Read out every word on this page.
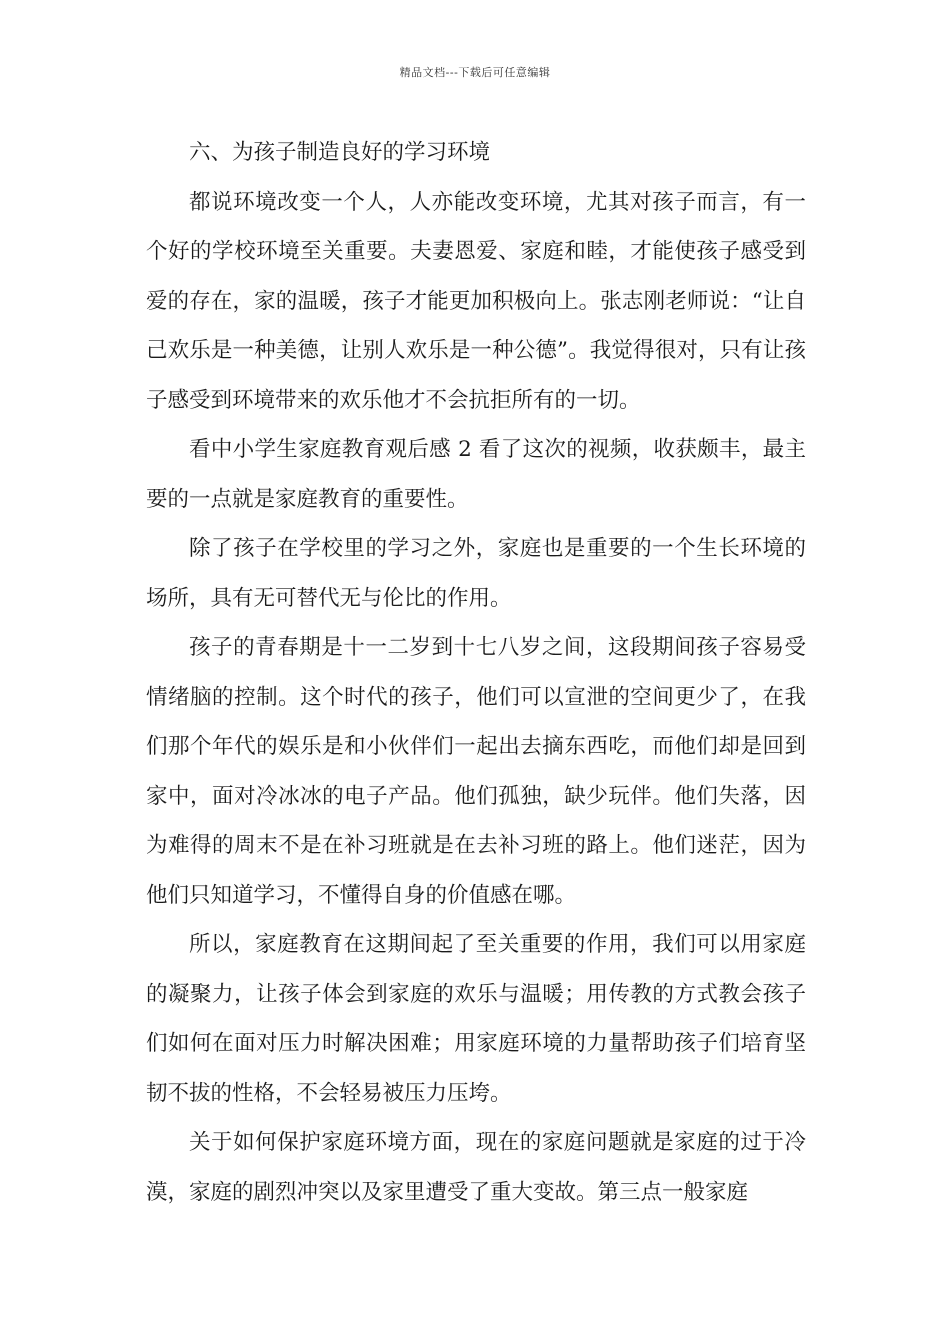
精品文档---下载后可任意编辑

六、为孩子制造良好的学习环境

都说环境改变一个人，人亦能改变环境，尤其对孩子而言，有一个好的学校环境至关重要。夫妻恩爱、家庭和睦，才能使孩子感受到爱的存在，家的温暖，孩子才能更加积极向上。张志刚老师说：“让自己欢乐是一种美德，让别人欢乐是一种公德”。我觉得很对，只有让孩子感受到环境带来的欢乐他才不会抗拒所有的一切。

看中小学生家庭教育观后感 2 看了这次的视频，收获颇丰，最主要的一点就是家庭教育的重要性。

除了孩子在学校里的学习之外，家庭也是重要的一个生长环境的场所，具有无可替代无与伦比的作用。

孩子的青春期是十一二岁到十七八岁之间，这段期间孩子容易受情绪脑的控制。这个时代的孩子，他们可以宣泄的空间更少了，在我们那个年代的娱乐是和小伙伴们一起出去摘东西吃，而他们却是回到家中，面对冷冰冰的电子产品。他们孤独，缺少玩伴。他们失落，因为难得的周末不是在补习班就是在去补习班的路上。他们迷茫，因为他们只知道学习，不懂得自身的价值感在哪。

所以，家庭教育在这期间起了至关重要的作用，我们可以用家庭的凝聚力，让孩子体会到家庭的欢乐与温暖；用传教的方式教会孩子们如何在面对压力时解决困难；用家庭环境的力量帮助孩子们培育坚韧不拔的性格，不会轻易被压力压垮。

关于如何保护家庭环境方面，现在的家庭问题就是家庭的过于冷漠，家庭的剧烈冲突以及家里遭受了重大变故。第三点一般家庭
